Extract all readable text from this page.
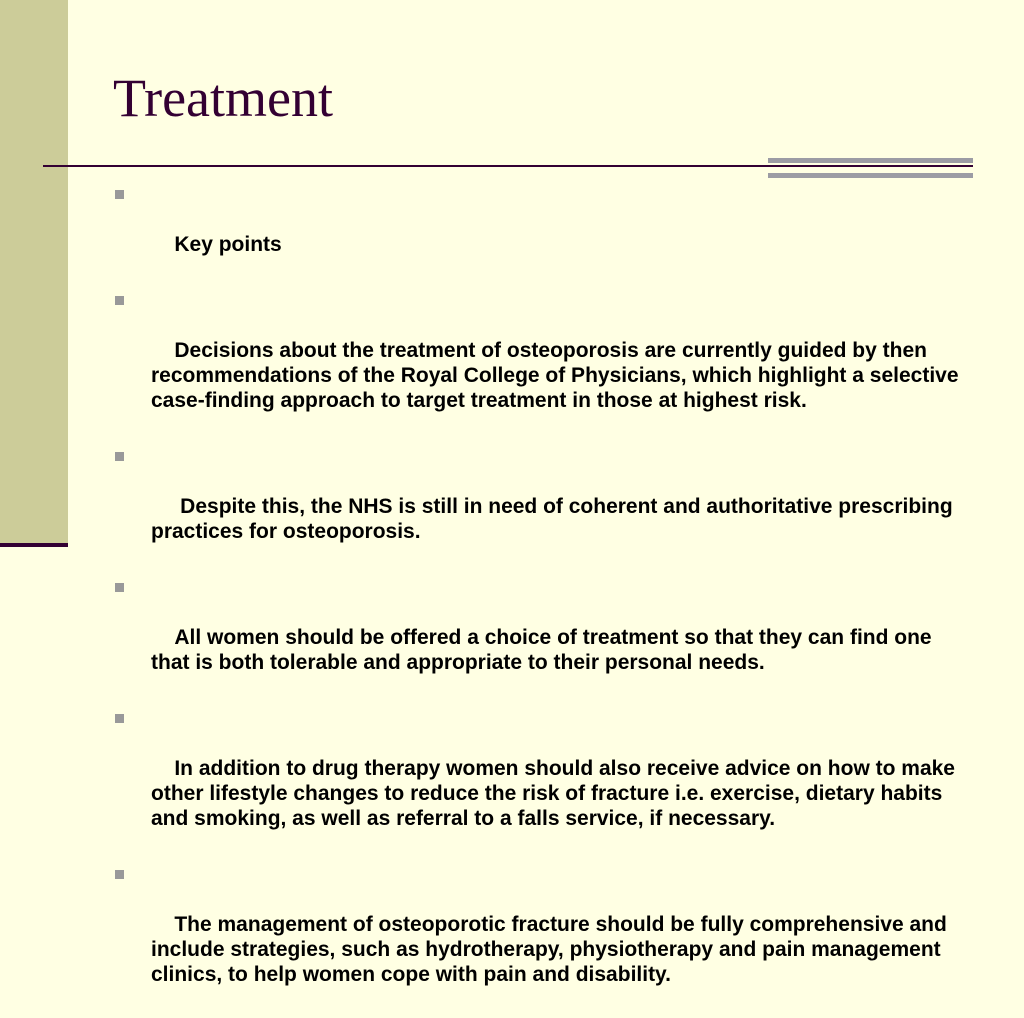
Treatment

Key points

Decisions about the treatment of osteoporosis are currently guided by then recommendations of the Royal College of Physicians, which highlight a selective case-finding approach to target treatment in those at highest risk.

Despite this, the NHS is still in need of coherent and authoritative prescribing practices for osteoporosis.

All women should be offered a choice of treatment so that they can find one that is both tolerable and appropriate to their personal needs.

In addition to drug therapy women should also receive advice on how to make other lifestyle changes to reduce the risk of fracture i.e. exercise, dietary habits and smoking, as well as referral to a falls service, if necessary.

The management of osteoporotic fracture should be fully comprehensive and include strategies, such as hydrotherapy, physiotherapy and pain management clinics, to help women cope with pain and disability.
